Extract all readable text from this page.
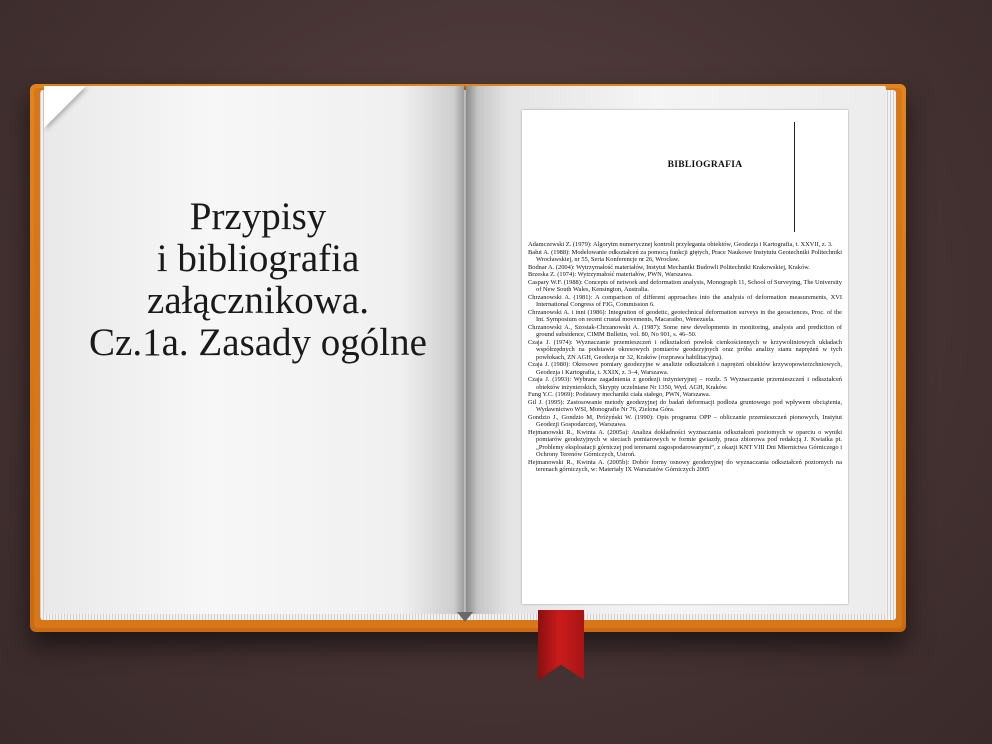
Przypisy
i bibliografia
załącznikowa.
Cz.1a. Zasady ogólne
BIBLIOGRAFIA

Adamczewski Z. (1979): Algorytm numerycznej kontroli przylegania obiektów, Geodezja i Kartografia, t. XXVII, z. 3.

Bałut A. (1988): Modelowanie odkształceń za pomocą funkcji giętych, Prace Naukowe Instytutu Geotechniki Politechniki Wrocławskiej, nr 55, Seria Konferencje nr 26, Wrocław.

Bodnar A. (2004): Wytrzymałość materiałów, Instytut Mechaniki Budowli Politechniki Krakowskiej, Kraków.

Brzeska Z. (1974): Wytrzymałość materiałów, PWN, Warszawa.

Caspary W.F. (1988): Concepts of network and deformation analysis, Monograph 11, School of Surveying, The University of New South Wales, Kensington, Australia.

Chrzanowski A. (1981): A comparison of different approaches into the analysis of deformation measurements, XVI International Congress of FIG, Commission 6.

Chrzanowski A. i inni (1986): Integration of geodetic, geotechnical deformation surveys in the geosciences, Proc. of the Int. Symposium on recent crustal movements, Macaraibo, Wenezuela.

Chrzanowski A., Szostak-Chrzanowski A. (1987): Some new developments in monitoring, analysis and prediction of ground subsidence, CIMM Bulletin, vol. 80, No 901, s. 46–50.

Czaja J. (1974): Wyznaczanie przemieszczeń i odkształceń powłok cienkościennych w krzywoliniowych układach współrzędnych na podstawie okresowych pomiarów geodezyjnych oraz próba analizy stanu naprężeń w tych powłokach, ZN AGH, Geodezja nr 32, Kraków (rozprawa habilitacyjna).

Czaja J. (1980): Okresowe pomiary geodezyjne w analizie odkształceń i naprężeń obiektów krzywopowierzchniowych, Geodezja i Kartografia, t. XXIX, z. 3–4, Warszawa.

Czaja J. (1993): Wybrane zagadnienia z geodezji inżynieryjnej – rozdz. 5 Wyznaczanie przemieszczeń i odkształceń obiektów inżynierskich, Skrypty uczelniane Nr 1350, Wyd. AGH, Kraków.

Fung Y.C. (1969): Podstawy mechaniki ciała stałego, PWN, Warszawa.

Gil J. (1995): Zastosowanie metody geodezyjnej do badań deformacji podłoża gruntowego pod wpływem obciążenia, Wydawnictwo WSI, Monografie Nr 76, Zielona Góra.

Gondzio J., Gondzio M, Próżyński W. (1990): Opis programu OPP – obliczanie przemieszczeń pionowych, Instytut Geodezji Gospodarczej, Warszawa.

Hejmanowski R., Kwinta A. (2005a): Analiza dokładności wyznaczania odkształceń poziomych w oparciu o wyniki pomiarów geodezyjnych w sieciach pomiarowych w formie gwiazdy, praca zbiorowa pod redakcją J. Kwiatka pt. „Problemy eksploatacji górniczej pod terenami zagospodarowanymi”, z okazji KNT VIII Dni Miernictwa Górniczego i Ochrony Terenów Górniczych, Ustroń.

Hejmanowski R., Kwinta A. (2005b): Dobór formy osnowy geodezyjnej do wyznaczania odkształceń poziomych na terenach górniczych, w: Materiały IX Warsztatów Górniczych 2005
